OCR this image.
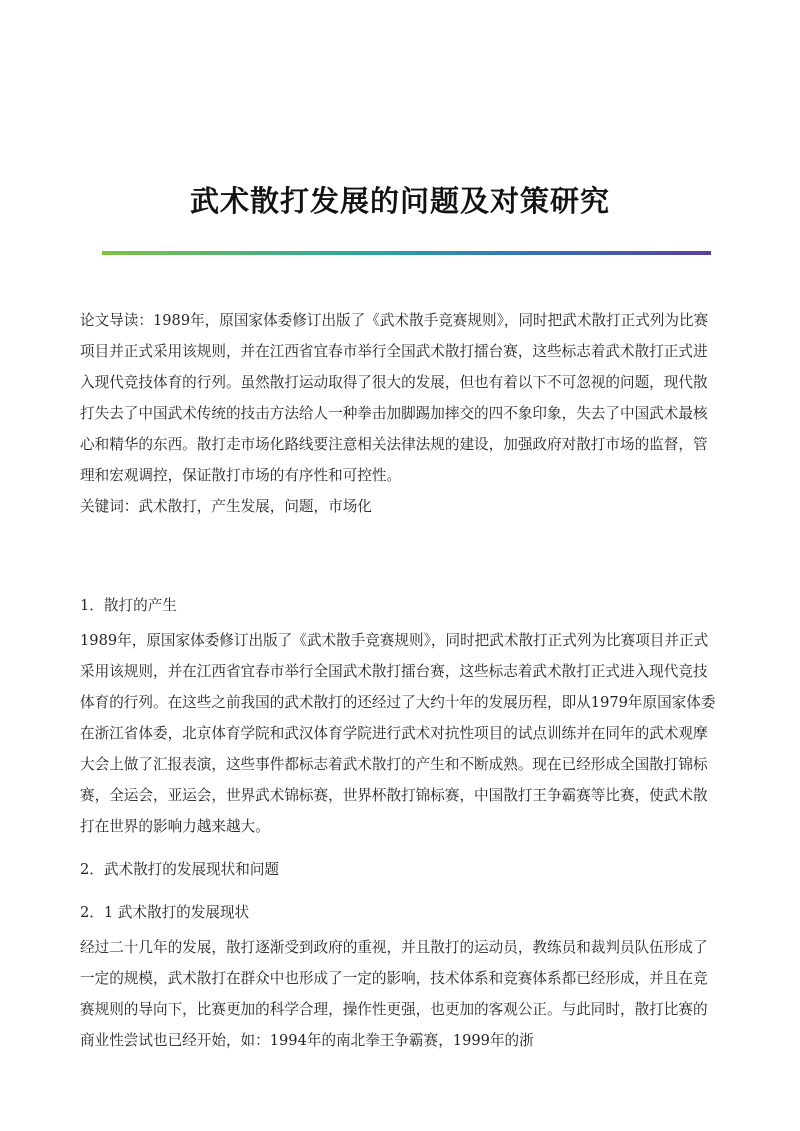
武术散打发展的问题及对策研究

论文导读：1989年，原国家体委修订出版了《武术散手竞赛规则》，同时把武术散打正式列为比赛项目并正式采用该规则，并在江西省宜春市举行全国武术散打擂台赛，这些标志着武术散打正式进入现代竞技体育的行列。虽然散打运动取得了很大的发展，但也有着以下不可忽视的问题，现代散打失去了中国武术传统的技击方法给人一种拳击加脚踢加摔交的四不象印象，失去了中国武术最核心和精华的东西。散打走市场化路线要注意相关法律法规的建设，加强政府对散打市场的监督，管理和宏观调控，保证散打市场的有序性和可控性。

关键词：武术散打，产生发展，问题，市场化

1．散打的产生

1989年，原国家体委修订出版了《武术散手竞赛规则》，同时把武术散打正式列为比赛项目并正式采用该规则，并在江西省宜春市举行全国武术散打擂台赛，这些标志着武术散打正式进入现代竞技体育的行列。在这些之前我国的武术散打的还经过了大约十年的发展历程，即从1979年原国家体委在浙江省体委，北京体育学院和武汉体育学院进行武术对抗性项目的试点训练并在同年的武术观摩大会上做了汇报表演，这些事件都标志着武术散打的产生和不断成熟。现在已经形成全国散打锦标赛，全运会，亚运会，世界武术锦标赛，世界杯散打锦标赛，中国散打王争霸赛等比赛，使武术散打在世界的影响力越来越大。

2．武术散打的发展现状和问题

2．1 武术散打的发展现状

经过二十几年的发展，散打逐渐受到政府的重视，并且散打的运动员，教练员和裁判员队伍形成了一定的规模，武术散打在群众中也形成了一定的影响，技术体系和竞赛体系都已经形成，并且在竞赛规则的导向下，比赛更加的科学合理，操作性更强，也更加的客观公正。与此同时，散打比赛的商业性尝试也已经开始，如：1994年的南北拳王争霸赛，1999年的浙
